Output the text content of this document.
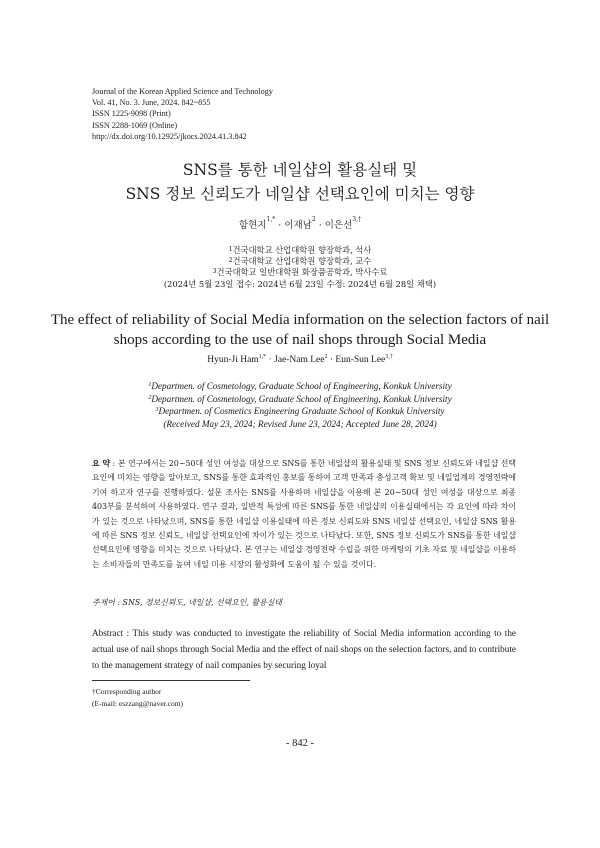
Journal of the Korean Applied Science and Technology
Vol. 41, No. 3. June, 2024. 842~855
ISSN 1225-9098 (Print)
ISSN 2288-1069 (Online)
http://dx.doi.org/10.12925/jkocs.2024.41.3.842
SNS를 통한 네일샵의 활용실태 및
SNS 정보 신뢰도가 네일샵 선택요인에 미치는 영향
함현지$^{1,*}$ · 이재남$^2$ · 이은선$^{3,\dagger}$
$^1$건국대학교 산업대학원 향장학과, 석사
$^2$건국대학교 산업대학원 향장학과, 교수
$^3$건국대학교 일반대학원 화장품공학과, 박사수료
(2024년 5월 23일 접수: 2024년 6월 23일 수정: 2024년 6월 28일 채택)
The effect of reliability of Social Media information on the selection factors of nail shops according to the use of nail shops through Social Media
Hyun-Ji Ham$^{1,*}$ · Jae-Nam Lee$^2$ · Eun-Sun Lee$^{3,\dagger}$
$^1$Departmen. of Cosmetology, Graduate School of Engineering, Konkuk University
$^2$Departmen. of Cosmetology, Graduate School of Engineering, Konkuk University
$^3$Departmen. of Cosmetics Engineering Graduate School of Konkuk University
(Received May 23, 2024; Revised June 23, 2024; Accepted June 28, 2024)
요 약 : 본 연구에서는 20~50대 성인 여성을 대상으로 SNS를 통한 네일샵의 활용실태 및 SNS 정보 신뢰도와 네일샵 선택요인에 미치는 영향을 알아보고, SNS를 통한 효과적인 홍보를 통하여 고객 만족과 충성고객 확보 및 네일업계의 경영전략에 기여 하고자 연구를 진행하였다. 설문 조사는 SNS를 사용하며 네일샵을 이용해 본 20~50대 성인 여성을 대상으로 최종 403부를 분석하여 사용하였다. 연구 결과, 일반적 특성에 따른 SNS를 통한 네일샵의 이용실태에서는 각 요인에 따라 차이가 있는 것으로 나타났으며, SNS를 통한 네일샵 이용실태에 따른 정보 신뢰도와 SNS 네일샵 선택요인, 네일샵 SNS 활용에 따른 SNS 정보 신뢰도, 네일샵 선택요인에 차이가 있는 것으로 나타났다. 또한, SNS 정보 신뢰도가 SNS를 통한 네일샵 선택요인에 영향을 미치는 것으로 나타났다. 본 연구는 네일샵 경영전략 수립을 위한 마케팅의 기초 자료 및 네일샵을 이용하는 소비자들의 만족도를 높여 네일 미용 시장의 활성화에 도움이 될 수 있을 것이다.
주제어 : SNS, 정보신뢰도, 네일샵, 선택요인, 활용실태
Abstract : This study was conducted to investigate the reliability of Social Media information according to the actual use of nail shops through Social Media and the effect of nail shops on the selection factors, and to contribute to the management strategy of nail companies by securing loyal
†Corresponding author
(E-mail: eszzang@naver.com)
- 842 -
